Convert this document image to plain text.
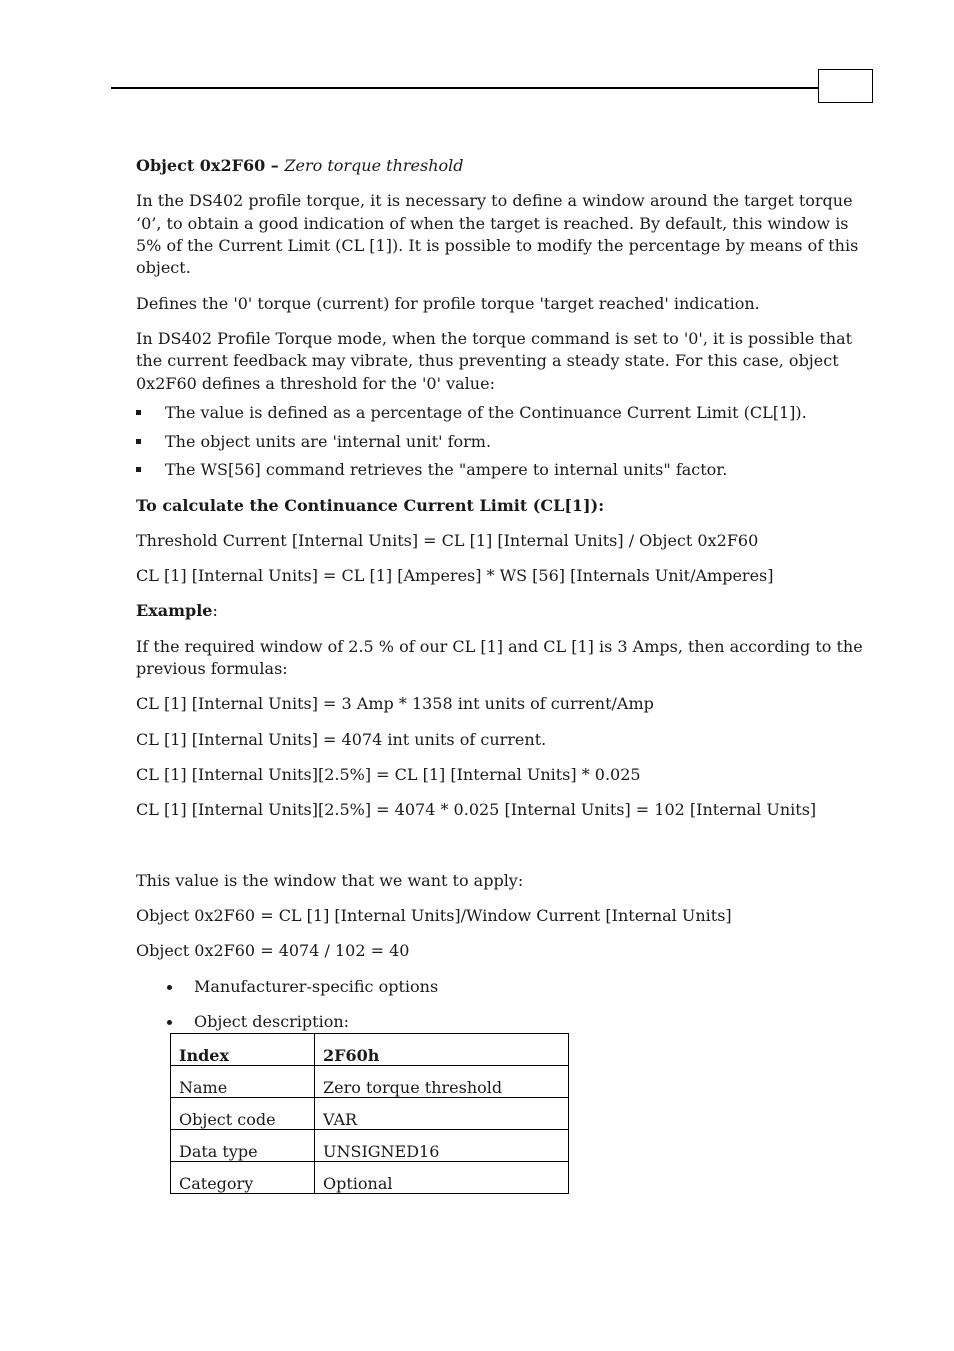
Object 0x2F60 – Zero torque threshold
In the DS402 profile torque, it is necessary to define a window around the target torque
‘0’, to obtain a good indication of when the target is reached. By default, this window is
5% of the Current Limit (CL [1]). It is possible to modify the percentage by means of this
object.
Defines the '0' torque (current) for profile torque 'target reached' indication.
In DS402 Profile Torque mode, when the torque command is set to '0', it is possible that
the current feedback may vibrate, thus preventing a steady state. For this case, object
0x2F60 defines a threshold for the '0' value:
The value is defined as a percentage of the Continuance Current Limit (CL[1]).
The object units are 'internal unit' form.
The WS[56] command retrieves the "ampere to internal units" factor.
To calculate the Continuance Current Limit (CL[1]):
Threshold Current [Internal Units] = CL [1] [Internal Units] / Object 0x2F60
CL [1] [Internal Units] = CL [1] [Amperes] * WS [56] [Internals Unit/Amperes]
Example:
If the required window of 2.5 % of our CL [1] and CL [1] is 3 Amps, then according to the
previous formulas:
CL [1] [Internal Units] = 3 Amp * 1358 int units of current/Amp
CL [1] [Internal Units] = 4074 int units of current.
CL [1] [Internal Units][2.5%] = CL [1] [Internal Units] * 0.025
CL [1] [Internal Units][2.5%] = 4074 * 0.025 [Internal Units] = 102 [Internal Units]
This value is the window that we want to apply:
Object 0x2F60 = CL [1] [Internal Units]/Window Current [Internal Units]
Object 0x2F60 = 4074 / 102 = 40
Manufacturer-specific options
Object description:
Index	2F60h
Name	Zero torque threshold
Object code	VAR
Data type	UNSIGNED16
Category	Optional
